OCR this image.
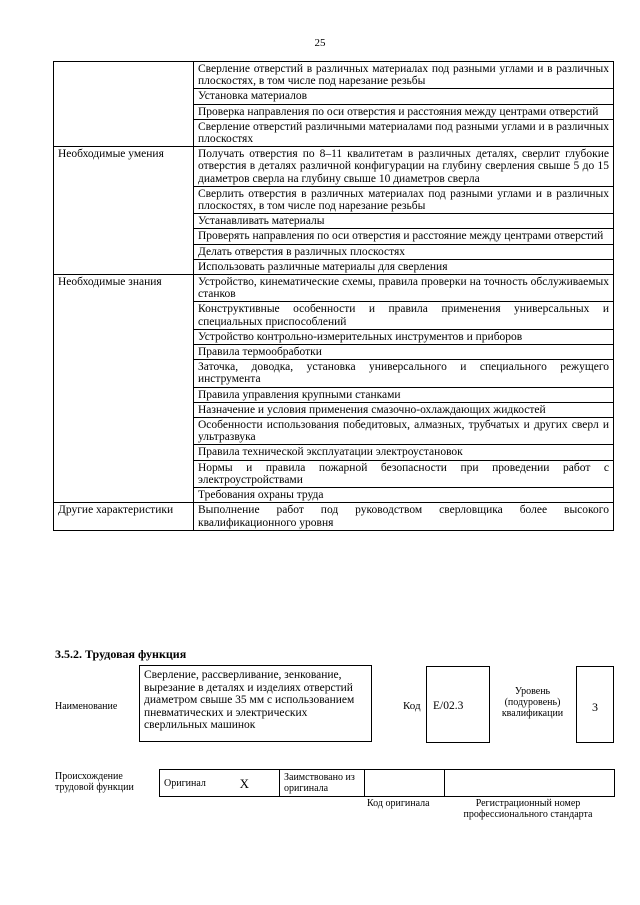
25
	Сверление отверстий в различных материалах под разными углами и в различных плоскостях, в том числе под нарезание резьбы
	Установка материалов
	Проверка направления по оси отверстия и расстояния между центрами отверстий
	Сверление отверстий различными материалами под разными углами и в различных плоскостях
Необходимые умения	Получать отверстия по 8–11 квалитетам в различных деталях, сверлит глубокие отверстия в деталях различной конфигурации на глубину сверления свыше 5 до 15 диаметров сверла на глубину свыше 10 диаметров сверла
	Сверлить отверстия в различных материалах под разными углами и в различных плоскостях, в том числе под нарезание резьбы
	Устанавливать материалы
	Проверять направления по оси отверстия и расстояние между центрами отверстий
	Делать отверстия в различных плоскостях
	Использовать различные материалы для сверления
Необходимые знания	Устройство, кинематические схемы, правила проверки на точность обслуживаемых станков
	Конструктивные особенности и правила применения универсальных и специальных приспособлений
	Устройство контрольно-измерительных инструментов и приборов
	Правила термообработки
	Заточка, доводка, установка универсального и специального режущего инструмента
	Правила управления крупными станками
	Назначение и условия применения смазочно-охлаждающих жидкостей
	Особенности использования победитовых, алмазных, трубчатых и других сверл и ультразвука
	Правила технической эксплуатации электроустановок
	Нормы и правила пожарной безопасности при проведении работ с электроустройствами
	Требования охраны труда
Другие характеристики	Выполнение работ под руководством сверловщика более высокого квалификационного уровня
3.5.2. Трудовая функция
Наименование
Сверление, рассверливание, зенкование, вырезание в деталях и изделиях отверстий диаметром свыше 35 мм с использованием пневматических и электрических сверлильных машинок
Код E/02.3
Уровень (подуровень) квалификации	3
Происхождение трудовой функции	Оригинал	X	Заимствовано из оригинала		
Код оригинала	Регистрационный номер профессионального стандарта
